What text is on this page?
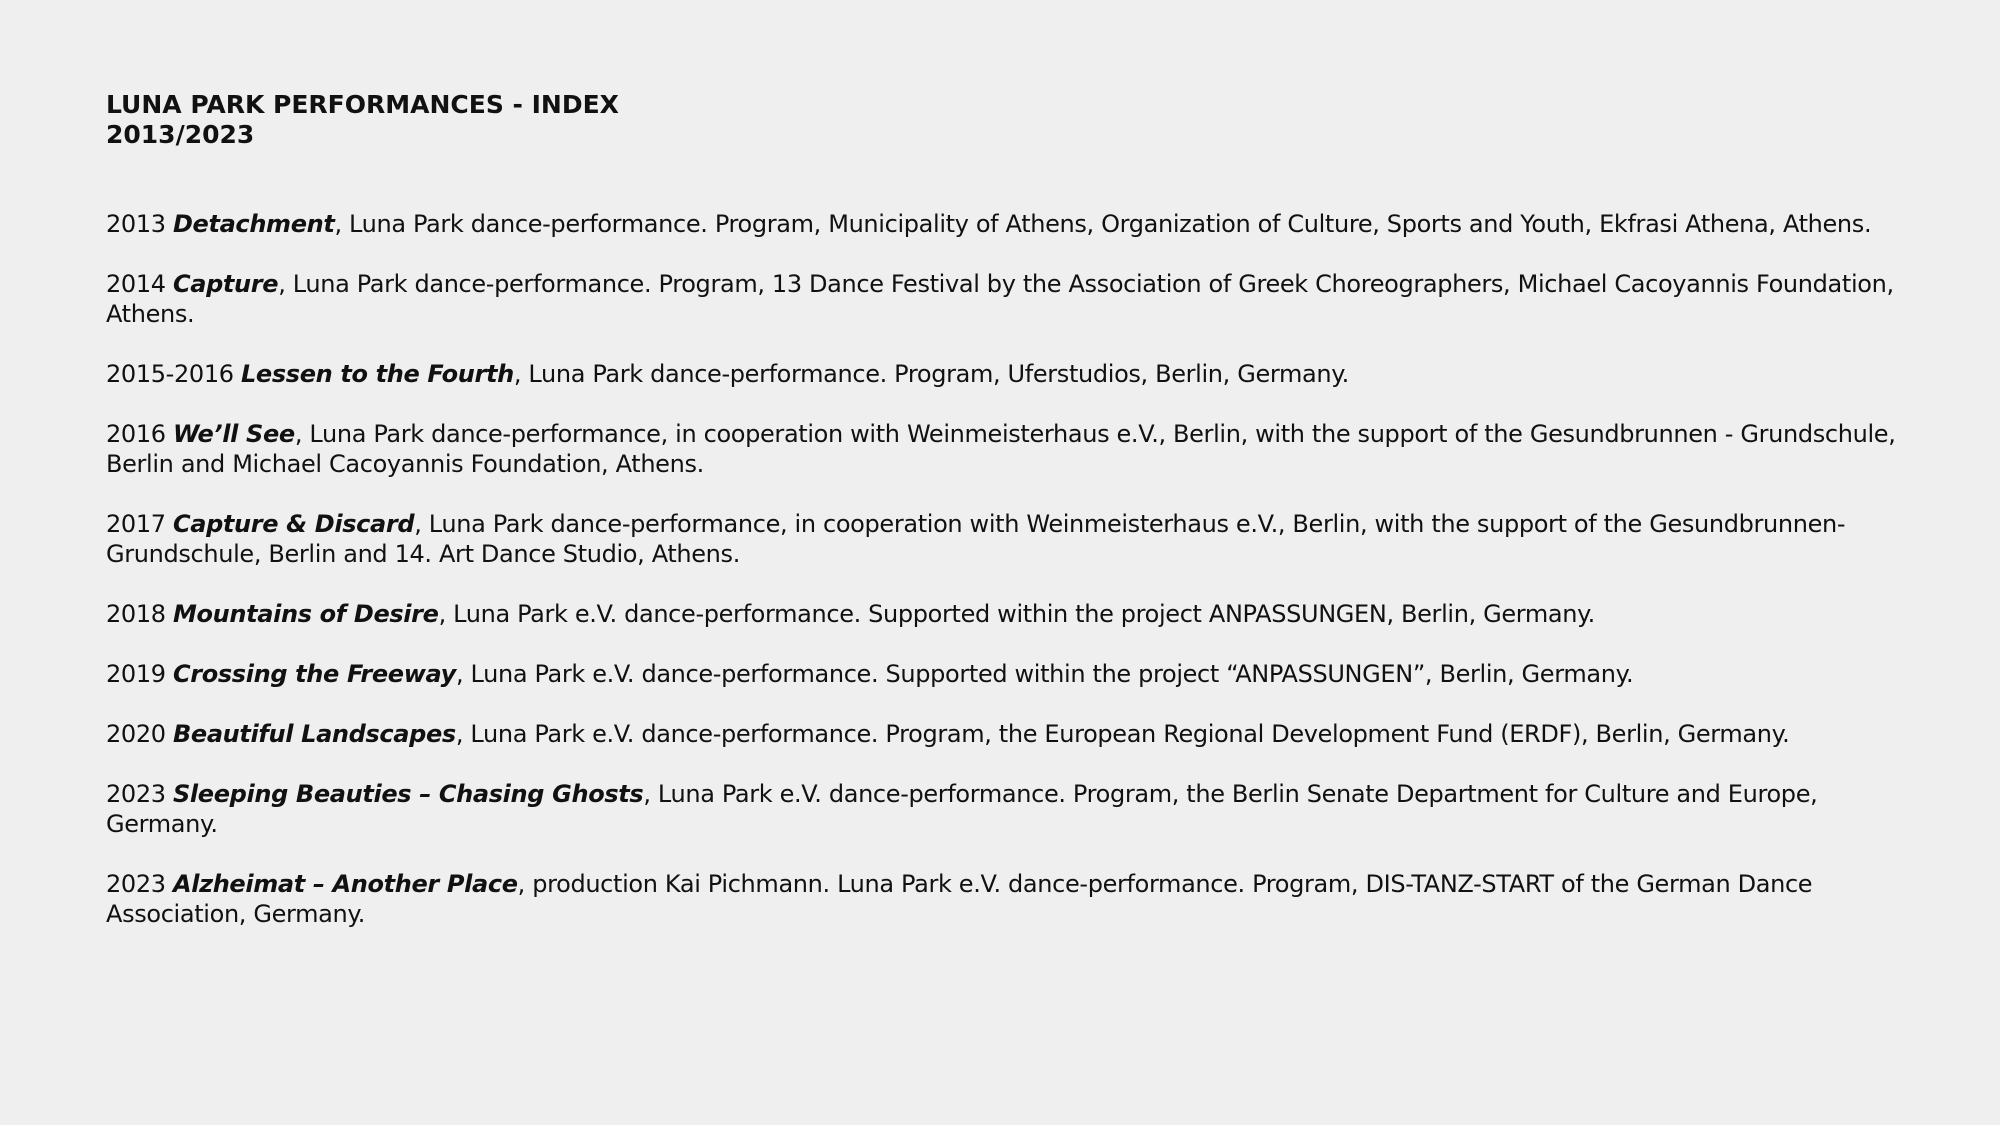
LUNA PARK PERFORMANCES - INDEX
2013/2023

2013 Detachment, Luna Park dance-performance. Program, Municipality of Athens, Organization of Culture, Sports and Youth, Ekfrasi Athena, Athens.

2014 Capture, Luna Park dance-performance. Program, 13 Dance Festival by the Association of Greek Choreographers, Michael Cacoyannis Foundation, Athens.

2015-2016 Lessen to the Fourth, Luna Park dance-performance. Program, Uferstudios, Berlin, Germany.

2016 We’ll See, Luna Park dance-performance, in cooperation with Weinmeisterhaus e.V., Berlin, with the support of the Gesundbrunnen - Grundschule, Berlin and Michael Cacoyannis Foundation, Athens.

2017 Capture & Discard, Luna Park dance-performance, in cooperation with Weinmeisterhaus e.V., Berlin, with the support of the Gesundbrunnen-Grundschule, Berlin and 14. Art Dance Studio, Athens.

2018 Mountains of Desire, Luna Park e.V. dance-performance. Supported within the project ANPASSUNGEN, Berlin, Germany.

2019 Crossing the Freeway, Luna Park e.V. dance-performance. Supported within the project “ANPASSUNGEN”, Berlin, Germany.

2020 Beautiful Landscapes, Luna Park e.V. dance-performance. Program, the European Regional Development Fund (ERDF), Berlin, Germany.

2023 Sleeping Beauties – Chasing Ghosts, Luna Park e.V. dance-performance. Program, the Berlin Senate Department for Culture and Europe, Germany.

2023 Alzheimat – Another Place, production Kai Pichmann. Luna Park e.V. dance-performance. Program, DIS-TANZ-START of the German Dance Association, Germany.
